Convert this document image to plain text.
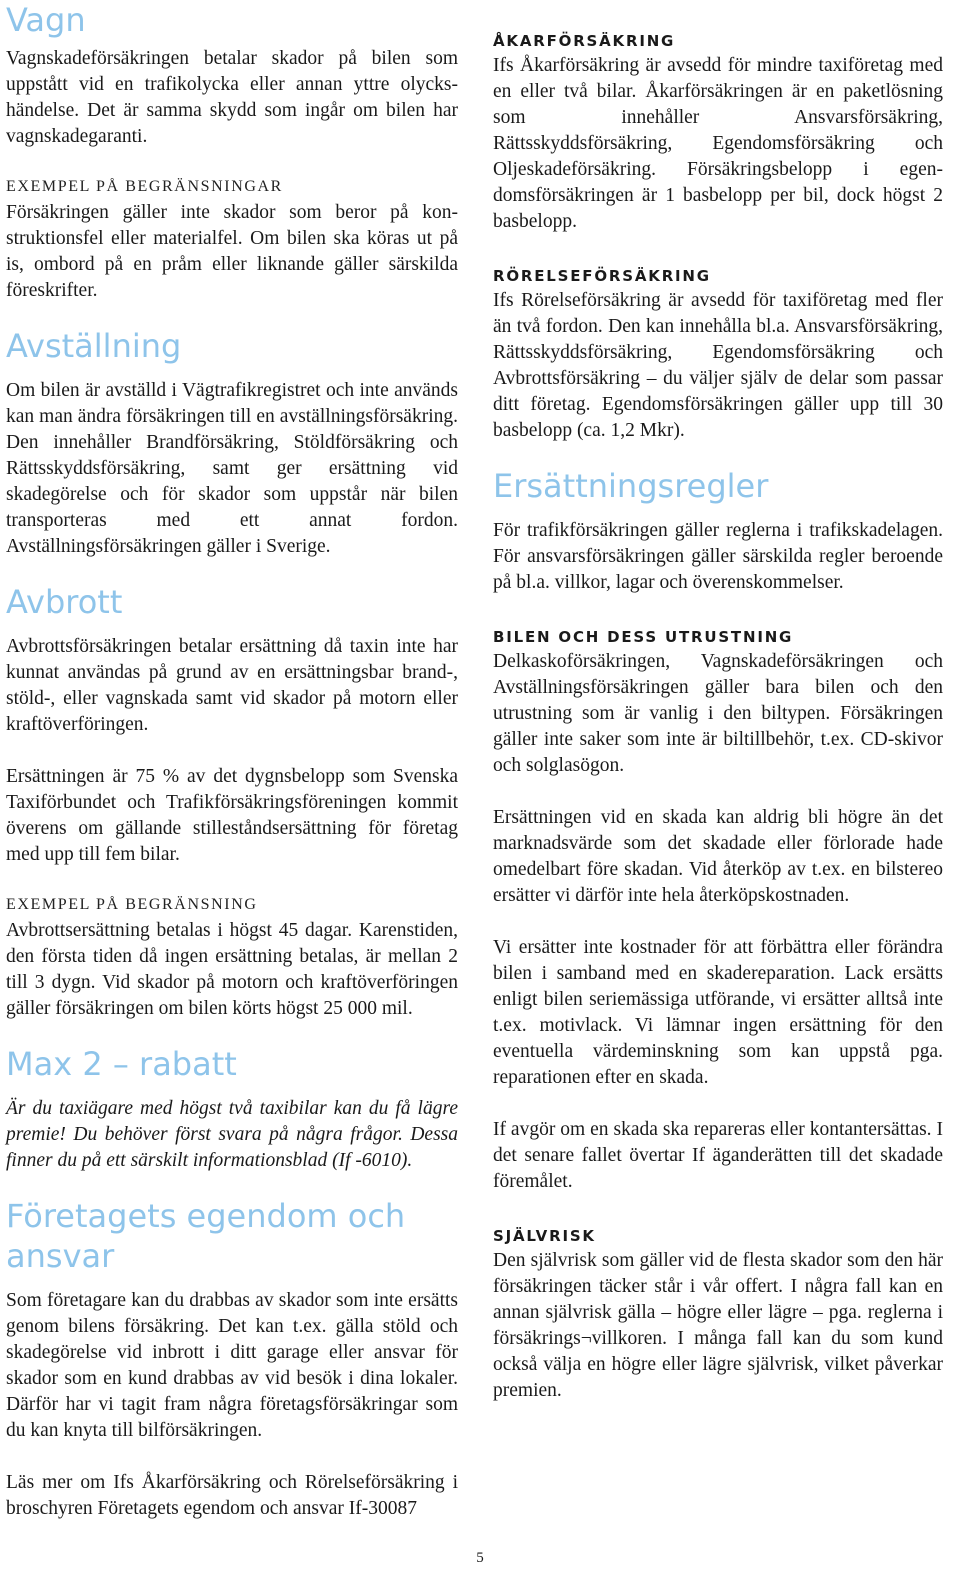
Vagn

Vagnskadeförsäkringen betalar skador på bilen som uppstått vid en trafikolycka eller annan yttre olyckshändelse. Det är samma skydd som ingår om bilen har vagnskadegaranti.

EXEMPEL PÅ BEGRÄNSNINGAR

Försäkringen gäller inte skador som beror på konstruktionsfel eller materialfel. Om bilen ska köras ut på is, ombord på en pråm eller liknande gäller särskilda föreskrifter.

Avställning

Om bilen är avställd i Vägtrafikregistret och inte används kan man ändra försäkringen till en avställningsförsäkring. Den innehåller Brandförsäkring, Stöldförsäkring och Rättsskyddsförsäkring, samt ger ersättning vid skadegörelse och för skador som uppstår när bilen transporteras med ett annat fordon. Avställningsförsäkringen gäller i Sverige.

Avbrott

Avbrottsförsäkringen betalar ersättning då taxin inte har kunnat användas på grund av en ersättningsbar brand-, stöld-, eller vagnskada samt vid skador på motorn eller kraftöverföringen.

Ersättningen är 75 % av det dygnsbelopp som Svenska Taxiförbundet och Trafikförsäkringsföreningen kommit överens om gällande stilleståndsersättning för företag med upp till fem bilar.

EXEMPEL PÅ BEGRÄNSNING

Avbrottsersättning betalas i högst 45 dagar. Karenstiden, den första tiden då ingen ersättning betalas, är mellan 2 till 3 dygn. Vid skador på motorn och kraftöverföringen gäller försäkringen om bilen körts högst 25 000 mil.

Max 2 – rabatt

Är du taxiägare med högst två taxibilar kan du få lägre premie! Du behöver först svara på några frågor. Dessa finner du på ett särskilt informationsblad (If -6010).

Företagets egendom och ansvar

Som företagare kan du drabbas av skador som inte ersätts genom bilens försäkring. Det kan t.ex. gälla stöld och skadegörelse vid inbrott i ditt garage eller ansvar för skador som en kund drabbas av vid besök i dina lokaler. Därför har vi tagit fram några företagsförsäkringar som du kan knyta till bilförsäkringen.

Läs mer om Ifs Åkarförsäkring och Rörelseförsäkring i broschyren Företagets egendom och ansvar If-30087

ÅKARFÖRSÄKRING

Ifs Åkarförsäkring är avsedd för mindre taxiföretag med en eller två bilar. Åkarförsäkringen är en paketlösning som innehåller Ansvarsförsäkring, Rättsskyddsförsäkring, Egendomsförsäkring och Oljeskadeförsäkring. Försäkringsbelopp i egendomsförsäkringen är 1 basbelopp per bil, dock högst 2 basbelopp.

RÖRELSEFÖRSÄKRING

Ifs Rörelseförsäkring är avsedd för taxiföretag med fler än två fordon. Den kan innehålla bl.a. Ansvarsförsäkring, Rättsskyddsförsäkring, Egendomsförsäkring och Avbrottsförsäkring – du väljer själv de delar som passar ditt företag. Egendomsförsäkringen gäller upp till 30 basbelopp (ca. 1,2 Mkr).

Ersättningsregler

För trafikförsäkringen gäller reglerna i trafikskadelagen. För ansvarsförsäkringen gäller särskilda regler beroende på bl.a. villkor, lagar och överenskommelser.

BILEN OCH DESS UTRUSTNING

Delkaskoförsäkringen, Vagnskadeförsäkringen och Avställningsförsäkringen gäller bara bilen och den utrustning som är vanlig i den biltypen. Försäkringen gäller inte saker som inte är biltillbehör, t.ex. CD-skivor och solglasögon.

Ersättningen vid en skada kan aldrig bli högre än det marknadsvärde som det skadade eller förlorade hade omedelbart före skadan. Vid återköp av t.ex. en bilstereo ersätter vi därför inte hela återköpskostnaden.

Vi ersätter inte kostnader för att förbättra eller förändra bilen i samband med en skadereparation. Lack ersätts enligt bilen seriemässiga utförande, vi ersätter alltså inte t.ex. motivlack. Vi lämnar ingen ersättning för den eventuella värdeminskning som kan uppstå pga. reparationen efter en skada.

If avgör om en skada ska repareras eller kontantersättas. I det senare fallet övertar If äganderätten till det skadade föremålet.

SJÄLVRISK

Den självrisk som gäller vid de flesta skador som den här försäkringen täcker står i vår offert. I några fall kan en annan självrisk gälla – högre eller lägre – pga. reglerna i försäkrings¬villkoren. I många fall kan du som kund också välja en högre eller lägre självrisk, vilket påverkar premien.

5
